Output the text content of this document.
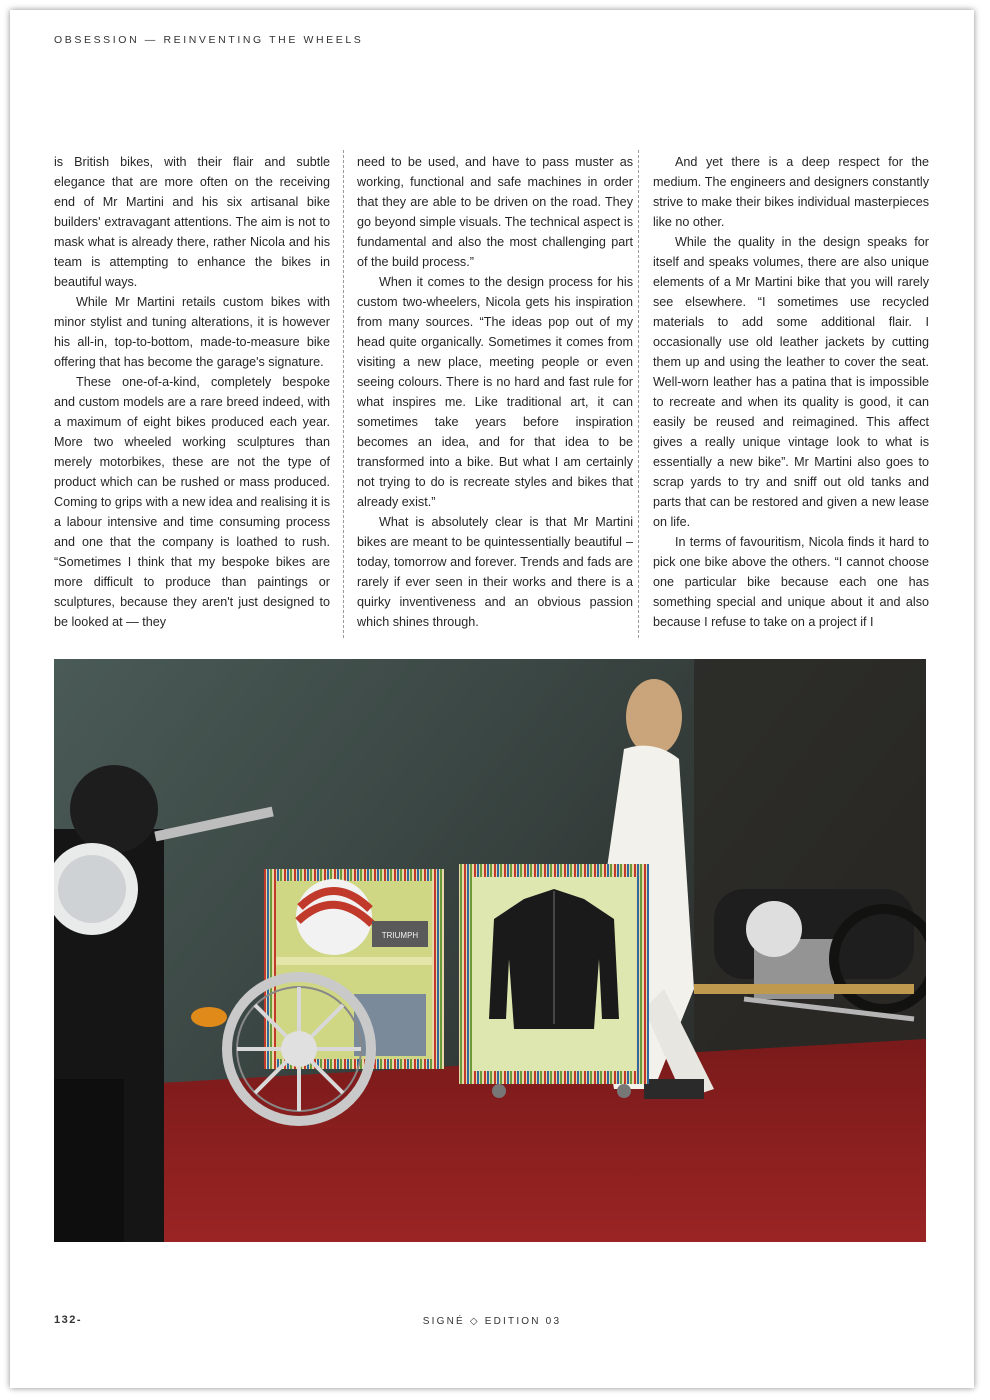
OBSESSION — REINVENTING THE WHEELS

is British bikes, with their flair and subtle elegance that are more often on the receiving end of Mr Martini and his six artisanal bike builders' extravagant attentions. The aim is not to mask what is already there, rather Nicola and his team is attempting to enhance the bikes in beautiful ways.

While Mr Martini retails custom bikes with minor stylist and tuning alterations, it is however his all-in, top-to-bottom, made-to-measure bike offering that has become the garage's signature.

These one-of-a-kind, completely bespoke and custom models are a rare breed indeed, with a maximum of eight bikes produced each year. More two wheeled working sculptures than merely motorbikes, these are not the type of product which can be rushed or mass produced. Coming to grips with a new idea and realising it is a labour intensive and time consuming process and one that the company is loathed to rush. “Sometimes I think that my bespoke bikes are more difficult to produce than paintings or sculptures, because they aren't just designed to be looked at — they

need to be used, and have to pass muster as working, functional and safe machines in order that they are able to be driven on the road. They go beyond simple visuals. The technical aspect is fundamental and also the most challenging part of the build process.”

When it comes to the design process for his custom two-wheelers, Nicola gets his inspiration from many sources. “The ideas pop out of my head quite organically. Sometimes it comes from visiting a new place, meeting people or even seeing colours. There is no hard and fast rule for what inspires me. Like traditional art, it can sometimes take years before inspiration becomes an idea, and for that idea to be transformed into a bike. But what I am certainly not trying to do is recreate styles and bikes that already exist.”

What is absolutely clear is that Mr Martini bikes are meant to be quintessentially beautiful – today, tomorrow and forever. Trends and fads are rarely if ever seen in their works and there is a quirky inventiveness and an obvious passion which shines through.

And yet there is a deep respect for the medium. The engineers and designers constantly strive to make their bikes individual masterpieces like no other.

While the quality in the design speaks for itself and speaks volumes, there are also unique elements of a Mr Martini bike that you will rarely see elsewhere. “I sometimes use recycled materials to add some additional flair. I occasionally use old leather jackets by cutting them up and using the leather to cover the seat. Well-worn leather has a patina that is impossible to recreate and when its quality is good, it can easily be reused and reimagined. This affect gives a really unique vintage look to what is essentially a new bike”. Mr Martini also goes to scrap yards to try and sniff out old tanks and parts that can be restored and given a new lease on life.

In terms of favouritism, Nicola finds it hard to pick one bike above the others. “I cannot choose one particular bike because each one has something special and unique about it and also because I refuse to take on a project if I

TRIUMPH
132-	SIGNÉ ◇ EDITION 03
